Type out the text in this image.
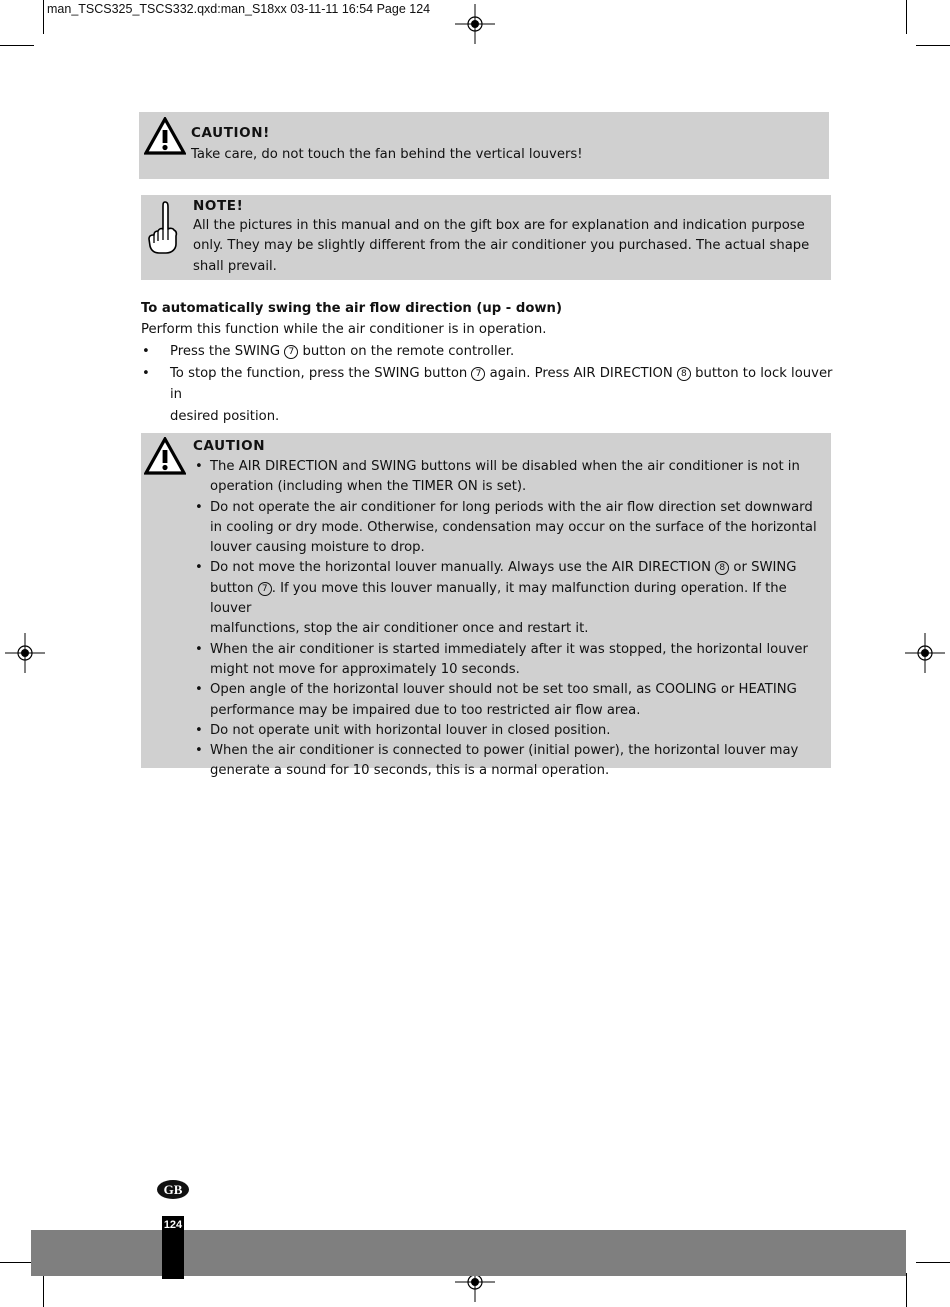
man_TSCS325_TSCS332.qxd:man_S18xx 03-11-11 16:54 Page 124
CAUTION!
Take care, do not touch the fan behind the vertical louvers!
NOTE!
All the pictures in this manual and on the gift box are for explanation and indication purpose
only. They may be slightly different from the air conditioner you purchased. The actual shape
shall prevail.
To automatically swing the air flow direction (up - down)
Perform this function while the air conditioner is in operation.
• Press the SWING 7 button on the remote controller.
• To stop the function, press the SWING button 7 again. Press AIR DIRECTION 8 button to lock louver in
desired position.
CAUTION
• The AIR DIRECTION and SWING buttons will be disabled when the air conditioner is not in
operation (including when the TIMER ON is set).
• Do not operate the air conditioner for long periods with the air flow direction set downward
in cooling or dry mode. Otherwise, condensation may occur on the surface of the horizontal
louver causing moisture to drop.
• Do not move the horizontal louver manually. Always use the AIR DIRECTION 8 or SWING
button 7 . If you move this louver manually, it may malfunction during operation. If the louver
malfunctions, stop the air conditioner once and restart it.
• When the air conditioner is started immediately after it was stopped, the horizontal louver
might not move for approximately 10 seconds.
• Open angle of the horizontal louver should not be set too small, as COOLING or HEATING
performance may be impaired due to too restricted air flow area.
• Do not operate unit with horizontal louver in closed position.
• When the air conditioner is connected to power (initial power), the horizontal louver may
generate a sound for 10 seconds, this is a normal operation.
GB
124
